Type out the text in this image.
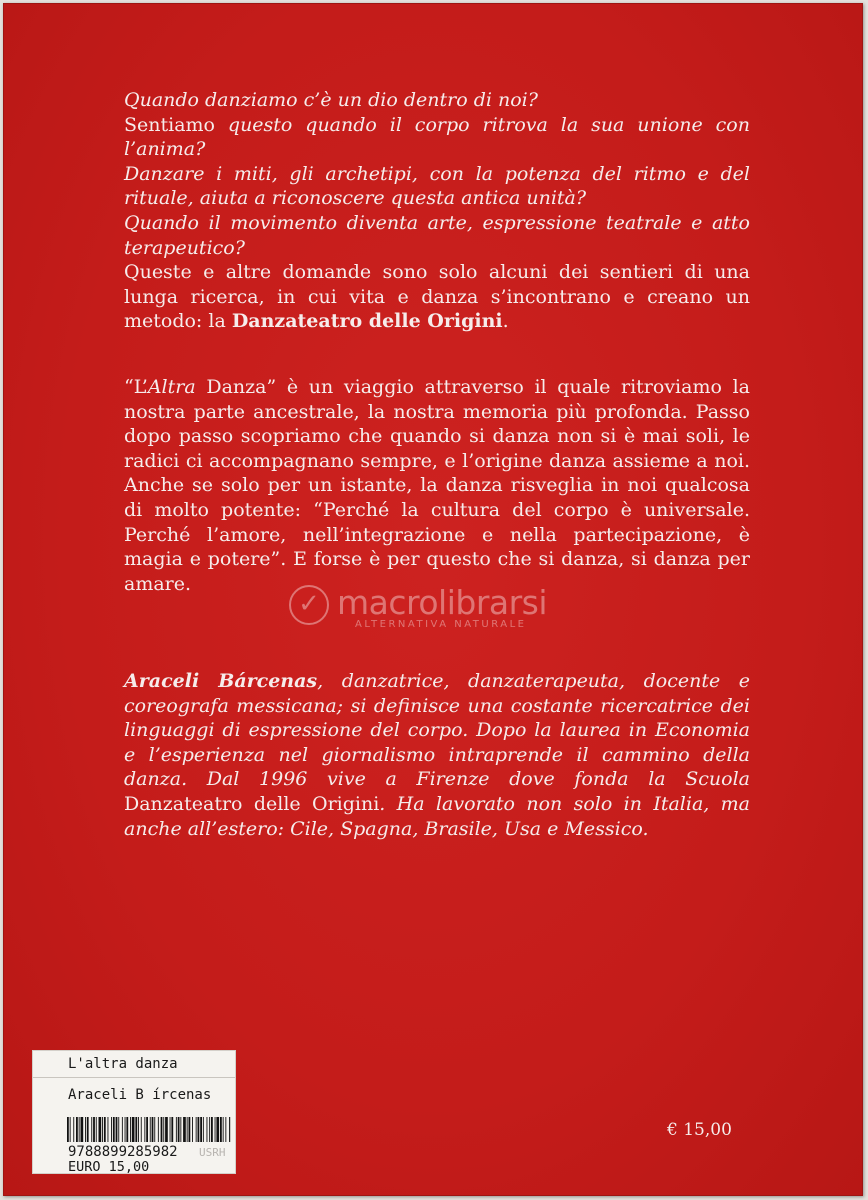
Quando danziamo c’è un dio dentro di noi?

Sentiamo questo quando il corpo ritrova la sua unione con l’anima?

Danzare i miti, gli archetipi, con la potenza del ritmo e del rituale, aiuta a riconoscere questa antica unità?

Quando il movimento diventa arte, espressione teatrale e atto terapeutico?

Queste e altre domande sono solo alcuni dei sentieri di una lunga ricerca, in cui vita e danza s’incontrano e creano un metodo: la Danzateatro delle Origini.

“L’Altra Danza” è un viaggio attraverso il quale ritroviamo la nostra parte ancestrale, la nostra memoria più profonda. Passo dopo passo scopriamo che quando si danza non si è mai soli, le radici ci accompagnano sempre, e l’origine danza assieme a noi. Anche se solo per un istante, la danza risveglia in noi qualcosa di molto potente: “Perché la cultura del corpo è universale. Perché l’amore, nell’integrazione e nella partecipazione, è magia e potere”. E forse è per questo che si danza, si danza per amare.

✓ macrolibrarsi
ALTERNATIVA NATURALE

Araceli Bárcenas, danzatrice, danzaterapeuta, docente e coreografa messicana; si definisce una costante ricercatrice dei linguaggi di espressione del corpo. Dopo la laurea in Economia e l’esperienza nel giornalismo intraprende il cammino della danza. Dal 1996 vive a Firenze dove fonda la Scuola Danzateatro delle Origini. Ha lavorato non solo in Italia, ma anche all’estero: Cile, Spagna, Brasile, Usa e Messico.

€ 15,00
L'altra danza
Araceli B írcenas
USRH
9788899285982
EURO 15,00
